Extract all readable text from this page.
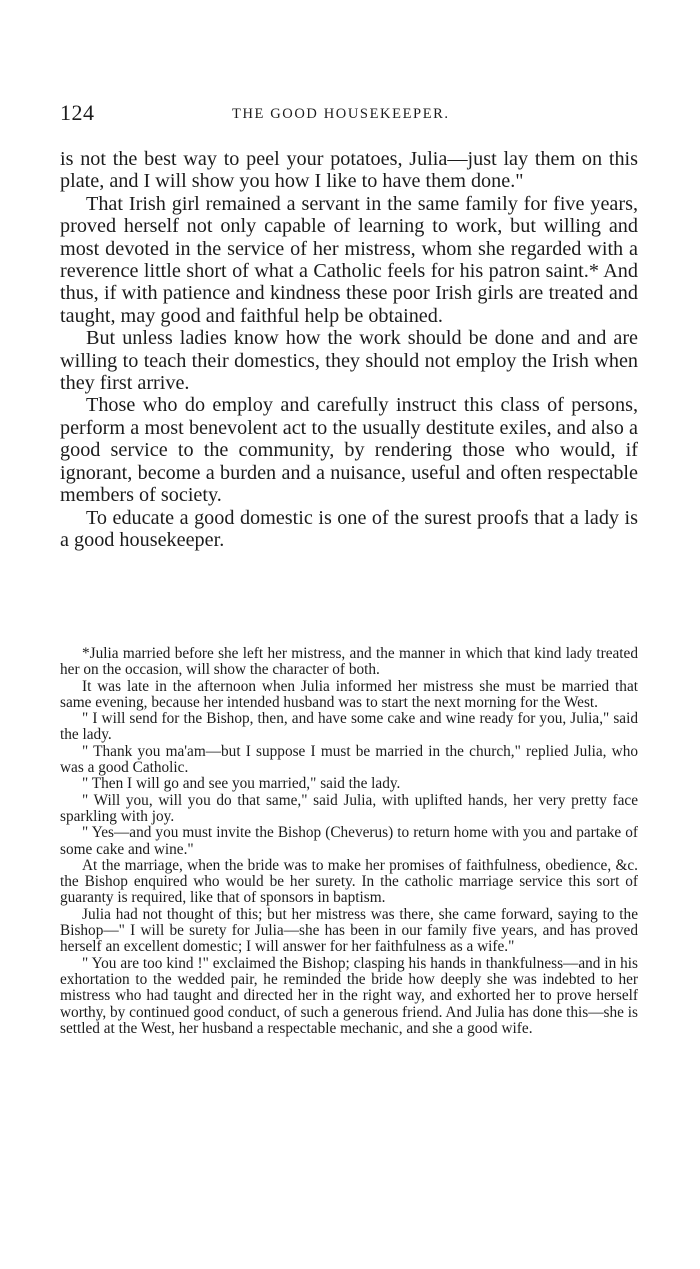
124	THE GOOD HOUSEKEEPER.

is not the best way to peel your potatoes, Julia—just lay them on this plate, and I will show you how I like to have them done."

That Irish girl remained a servant in the same family for five years, proved herself not only capable of learning to work, but willing and most devoted in the service of her mistress, whom she regarded with a reverence little short of what a Catholic feels for his patron saint.* And thus, if with patience and kindness these poor Irish girls are treated and taught, may good and faithful help be obtained.

But unless ladies know how the work should be done and and are willing to teach their domestics, they should not employ the Irish when they first arrive.

Those who do employ and carefully instruct this class of persons, perform a most benevolent act to the usually destitute exiles, and also a good service to the community, by rendering those who would, if ignorant, become a burden and a nuisance, useful and often respectable members of society.

To educate a good domestic is one of the surest proofs that a lady is a good housekeeper.

*Julia married before she left her mistress, and the manner in which that kind lady treated her on the occasion, will show the character of both.

It was late in the afternoon when Julia informed her mistress she must be married that same evening, because her intended husband was to start the next morning for the West.

" I will send for the Bishop, then, and have some cake and wine ready for you, Julia," said the lady.

" Thank you ma'am—but I suppose I must be married in the church," replied Julia, who was a good Catholic.

" Then I will go and see you married," said the lady.

" Will you, will you do that same," said Julia, with uplifted hands, her very pretty face sparkling with joy.

" Yes—and you must invite the Bishop (Cheverus) to return home with you and partake of some cake and wine."

At the marriage, when the bride was to make her promises of faithfulness, obedience, &c. the Bishop enquired who would be her surety. In the catholic marriage service this sort of guaranty is required, like that of sponsors in baptism.

Julia had not thought of this; but her mistress was there, she came forward, saying to the Bishop—" I will be surety for Julia—she has been in our family five years, and has proved herself an excellent domestic; I will answer for her faithfulness as a wife."

" You are too kind !" exclaimed the Bishop; clasping his hands in thankfulness—and in his exhortation to the wedded pair, he reminded the bride how deeply she was indebted to her mistress who had taught and directed her in the right way, and exhorted her to prove herself worthy, by continued good conduct, of such a generous friend. And Julia has done this—she is settled at the West, her husband a respectable mechanic, and she a good wife.
